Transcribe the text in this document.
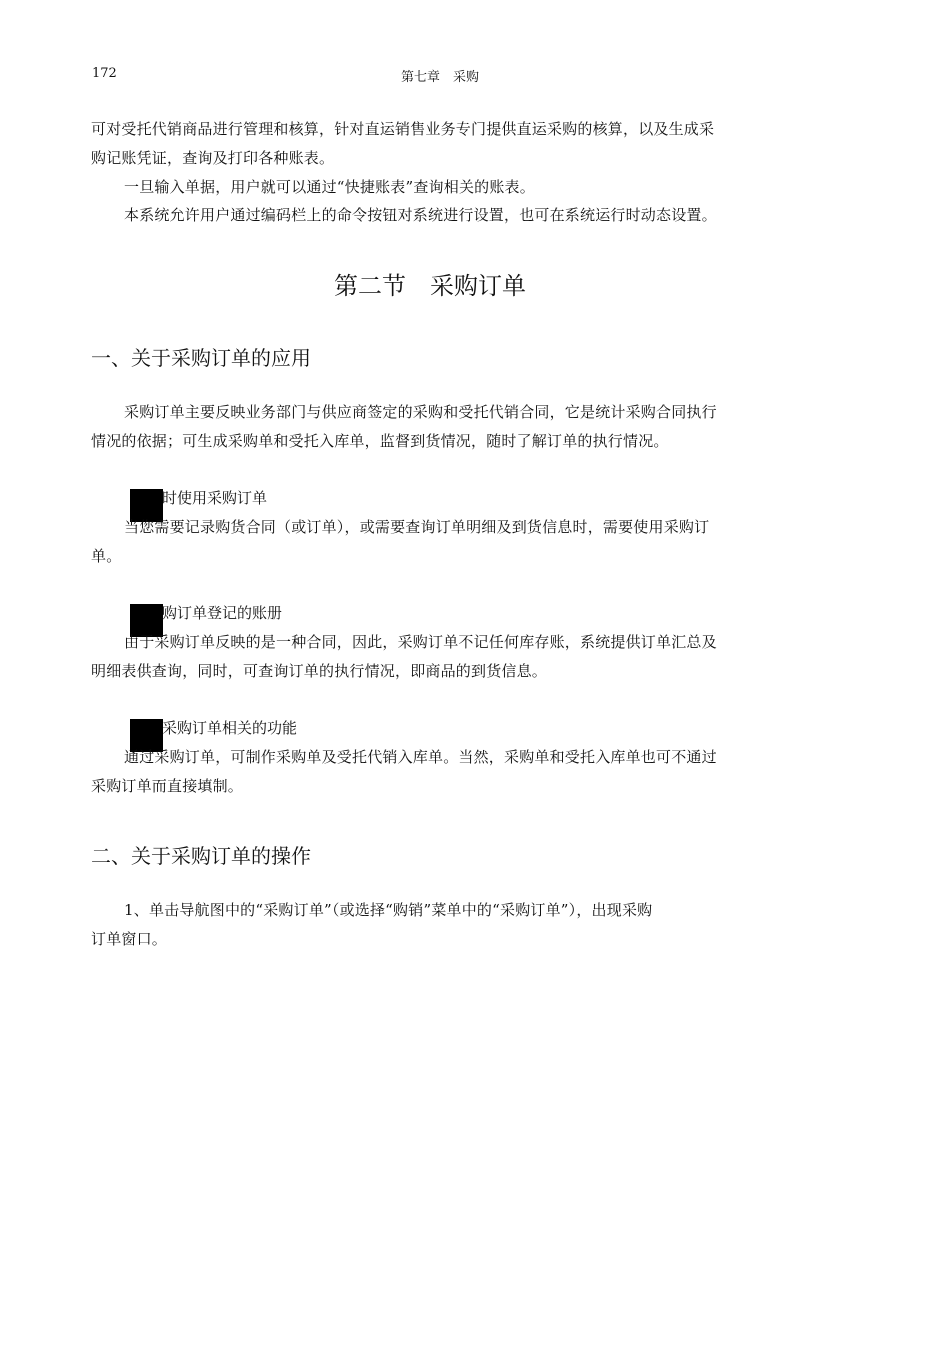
172	第七章　采购
可对受托代销商品进行管理和核算，针对直运销售业务专门提供直运采购的核算，以及生成采
购记账凭证，查询及打印各种账表。
一旦输入单据，用户就可以通过“快捷账表”查询相关的账表。
本系统允许用户通过编码栏上的命令按钮对系统进行设置，也可在系统运行时动态设置。
第二节　采购订单
一、关于采购订单的应用
采购订单主要反映业务部门与供应商签定的采购和受托代销合同，它是统计采购合同执行
情况的依据；可生成采购单和受托入库单，监督到货情况，随时了解订单的执行情况。
时使用采购订单
当您需要记录购货合同（或订单），或需要查询订单明细及到货信息时，需要使用采购订
单。
购订单登记的账册
由于采购订单反映的是一种合同，因此，采购订单不记任何库存账，系统提供订单汇总及
明细表供查询，同时，可查询订单的执行情况，即商品的到货信息。
采购订单相关的功能
通过采购订单，可制作采购单及受托代销入库单。当然，采购单和受托入库单也可不通过
采购订单而直接填制。
二、关于采购订单的操作
1、单击导航图中的“采购订单”（或选择“购销”菜单中的“采购订单”），出现采购
订单窗口。
